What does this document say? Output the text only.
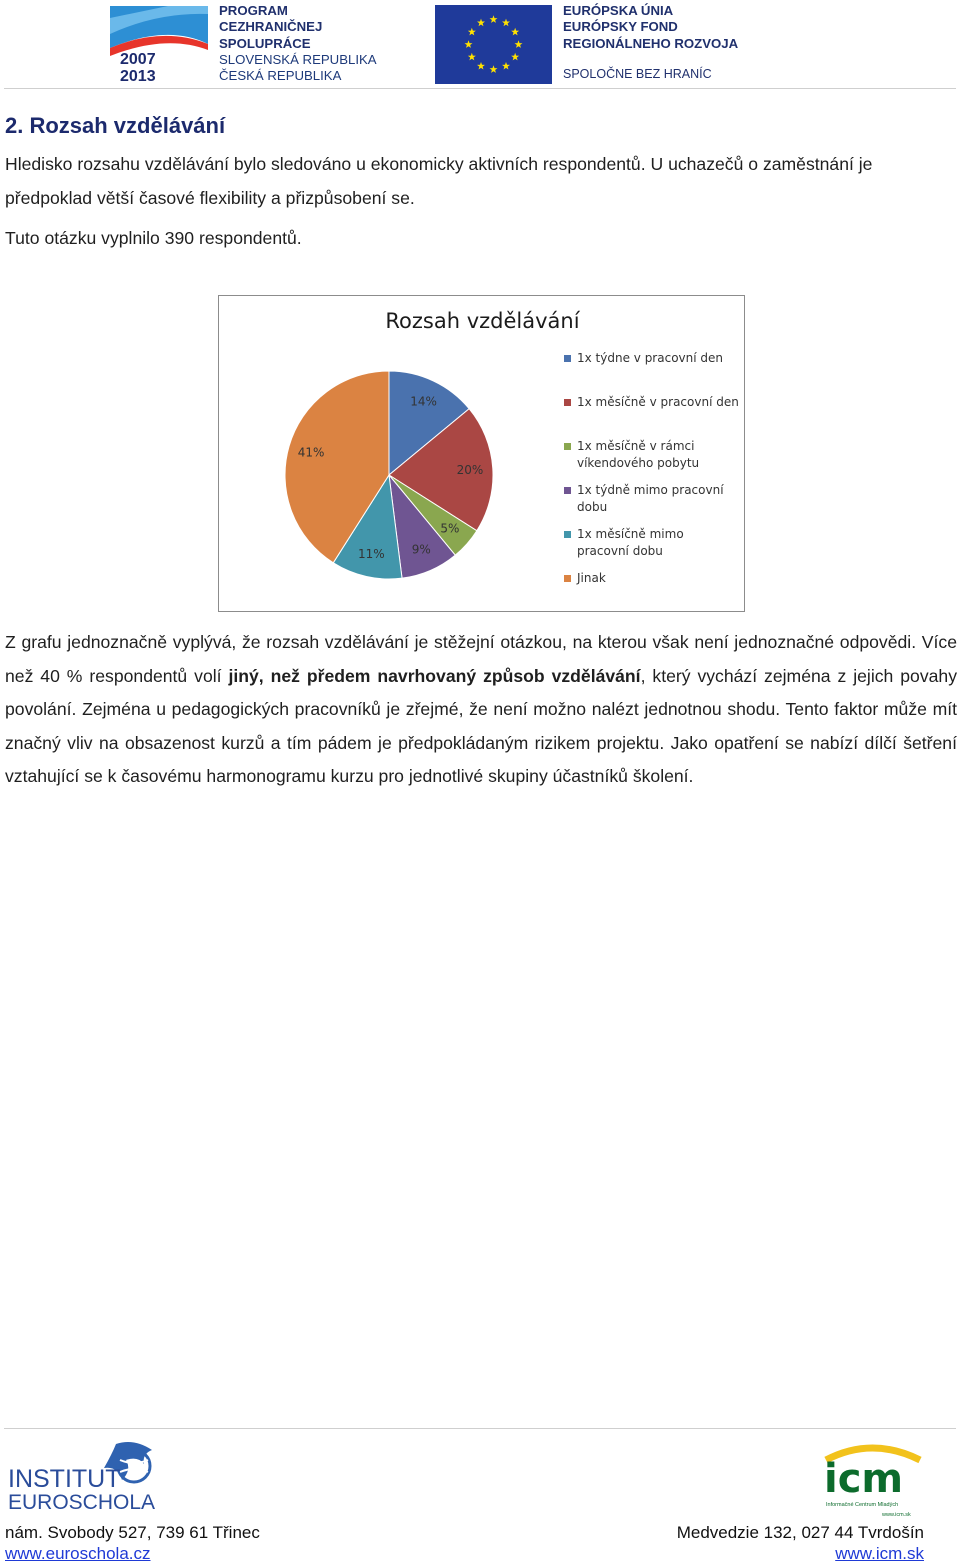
2007
2013
PROGRAM
CEZHRANIČNEJ
SPOLUPRÁCE
SLOVENSKÁ REPUBLIKA
ČESKÁ REPUBLIKA
EURÓPSKA ÚNIA
EURÓPSKY FOND
REGIONÁLNEHO ROZVOJA
SPOLOČNE BEZ HRANÍC
2. Rozsah vzdělávání
Hledisko rozsahu vzdělávání bylo sledováno u ekonomicky aktivních respondentů. U uchazečů o zaměstnání je předpoklad větší časové flexibility a přizpůsobení se.
Tuto otázku vyplnilo 390 respondentů.
Rozsah vzdělávání
14%
20%
5%
9%
11%
41%
1x týdne v pracovní den
1x měsíčně v pracovní den
1x měsíčně v rámci
víkendového pobytu
1x týdně mimo pracovní
dobu
1x měsíčně mimo
pracovní dobu
Jinak
Z grafu jednoznačně vyplývá, že rozsah vzdělávání je stěžejní otázkou, na kterou však není jednoznačné odpovědi. Více než 40 % respondentů volí jiný, než předem navrhovaný způsob vzdělávání, který vychází zejména z jejich povahy povolání. Zejména u pedagogických pracovníků je zřejmé, že není možno nalézt jednotnou shodu. Tento faktor může mít značný vliv na obsazenost kurzů a tím pádem je předpokládaným rizikem projektu. Jako opatření se nabízí dílčí šetření vztahující se k časovému harmonogramu kurzu pro jednotlivé skupiny účastníků školení.
INSTITUT
EUROSCHOLA
icm
Informačné Centrum Mladých
www.icm.sk
nám. Svobody 527, 739 61 Třinec
www.euroschola.cz
Medvedzie 132, 027 44 Tvrdošín
www.icm.sk
